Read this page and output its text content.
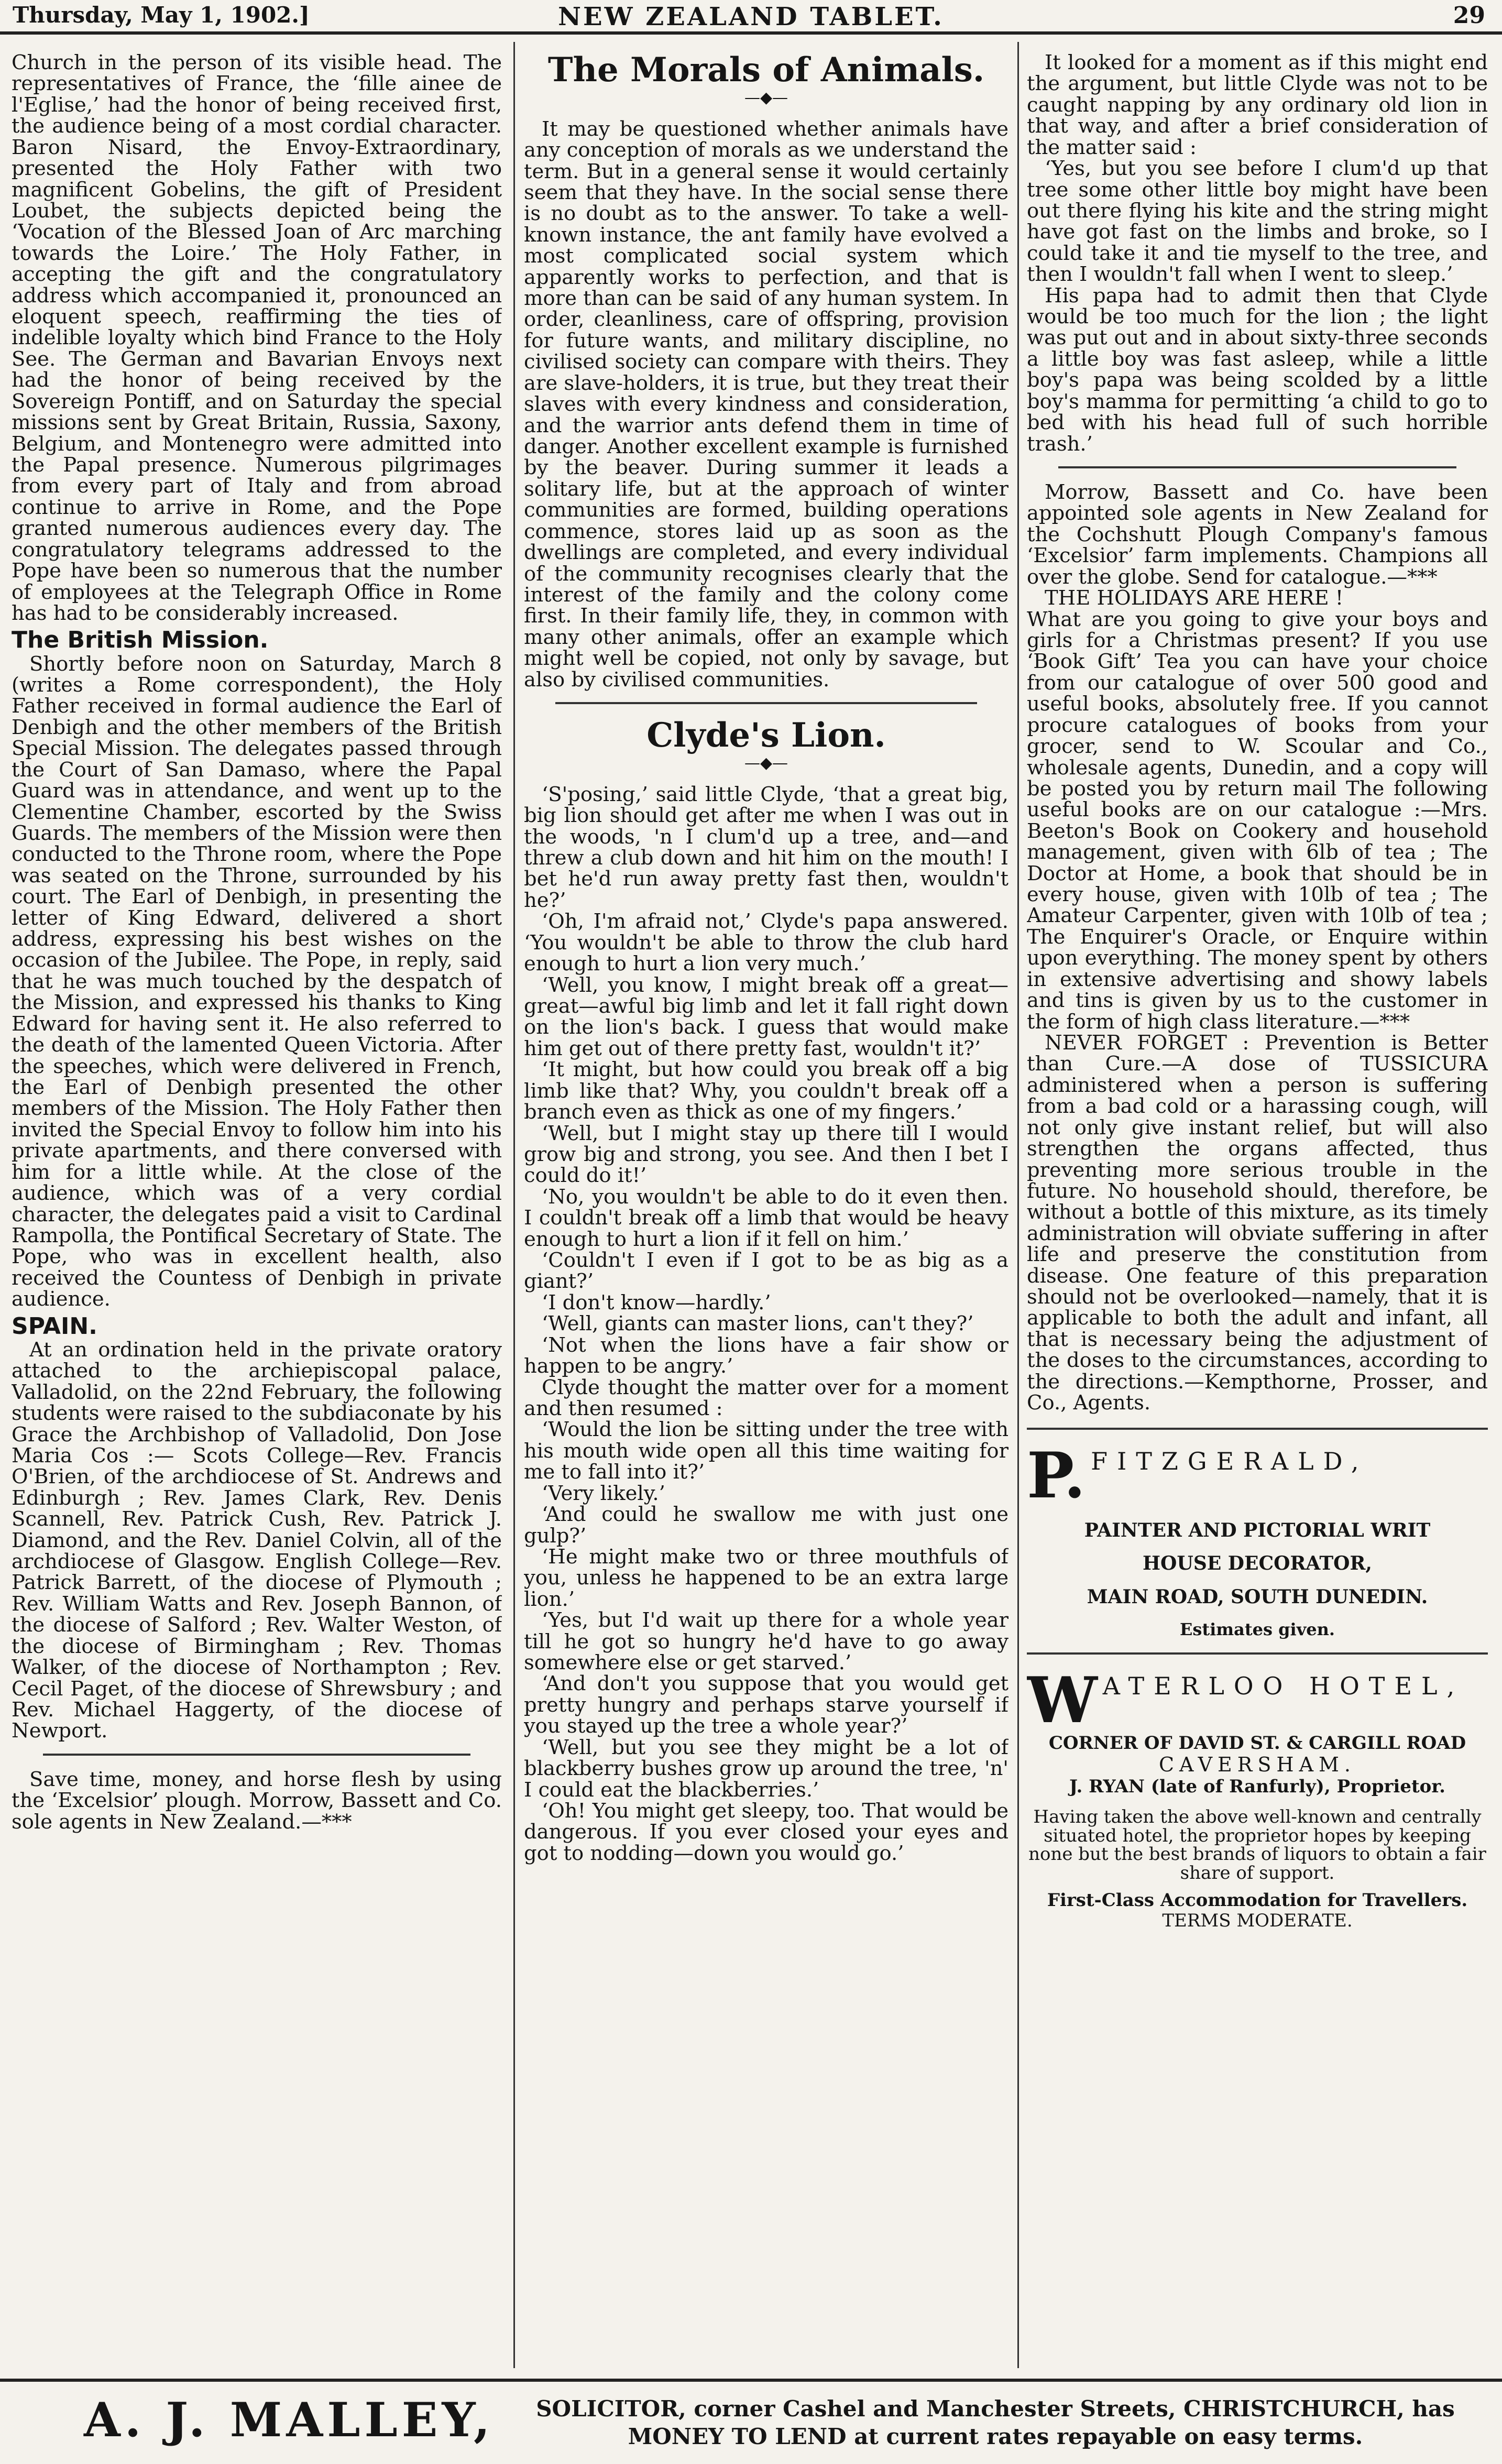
Thursday, May 1, 1902.]	NEW ZEALAND TABLET.	29

Church in the person of its visible head. The representatives of France, the ‘fille ainee de l'Eglise,’ had the honor of being received first, the audience being of a most cordial character. Baron Nisard, the Envoy-Extraordinary, presented the Holy Father with two magnificent Gobelins, the gift of President Loubet, the subjects depicted being the ‘Vocation of the Blessed Joan of Arc marching towards the Loire.’ The Holy Father, in accepting the gift and the congratulatory address which accompanied it, pronounced an eloquent speech, reaffirming the ties of indelible loyalty which bind France to the Holy See. The German and Bavarian Envoys next had the honor of being received by the Sovereign Pontiff, and on Saturday the special missions sent by Great Britain, Russia, Saxony, Belgium, and Montenegro were admitted into the Papal presence. Numerous pilgrimages from every part of Italy and from abroad continue to arrive in Rome, and the Pope granted numerous audiences every day. The congratulatory telegrams addressed to the Pope have been so numerous that the number of employees at the Telegraph Office in Rome has had to be considerably increased.

The British Mission.

Shortly before noon on Saturday, March 8 (writes a Rome correspondent), the Holy Father received in formal audience the Earl of Denbigh and the other members of the British Special Mission. The delegates passed through the Court of San Damaso, where the Papal Guard was in attendance, and went up to the Clementine Chamber, escorted by the Swiss Guards. The members of the Mission were then conducted to the Throne room, where the Pope was seated on the Throne, surrounded by his court. The Earl of Denbigh, in presenting the letter of King Edward, delivered a short address, expressing his best wishes on the occasion of the Jubilee. The Pope, in reply, said that he was much touched by the despatch of the Mission, and expressed his thanks to King Edward for having sent it. He also referred to the death of the lamented Queen Victoria. After the speeches, which were delivered in French, the Earl of Denbigh presented the other members of the Mission. The Holy Father then invited the Special Envoy to follow him into his private apartments, and there conversed with him for a little while. At the close of the audience, which was of a very cordial character, the delegates paid a visit to Cardinal Rampolla, the Pontifical Secretary of State. The Pope, who was in excellent health, also received the Countess of Denbigh in private audience.

SPAIN.

At an ordination held in the private oratory attached to the archiepiscopal palace, Valladolid, on the 22nd February, the following students were raised to the subdiaconate by his Grace the Archbishop of Valladolid, Don Jose Maria Cos :— Scots College—Rev. Francis O'Brien, of the archdiocese of St. Andrews and Edinburgh ; Rev. James Clark, Rev. Denis Scannell, Rev. Patrick Cush, Rev. Patrick J. Diamond, and the Rev. Daniel Colvin, all of the archdiocese of Glasgow. English College—Rev. Patrick Barrett, of the diocese of Plymouth ; Rev. William Watts and Rev. Joseph Bannon, of the diocese of Salford ; Rev. Walter Weston, of the diocese of Birmingham ; Rev. Thomas Walker, of the diocese of Northampton ; Rev. Cecil Paget, of the diocese of Shrewsbury ; and Rev. Michael Haggerty, of the diocese of Newport.

Save time, money, and horse flesh by using the ‘Excelsior’ plough. Morrow, Bassett and Co. sole agents in New Zealand.—***

The Morals of Animals.
—◆—

It may be questioned whether animals have any conception of morals as we understand the term. But in a general sense it would certainly seem that they have. In the social sense there is no doubt as to the answer. To take a well-known instance, the ant family have evolved a most complicated social system which apparently works to perfection, and that is more than can be said of any human system. In order, cleanliness, care of offspring, provision for future wants, and military discipline, no civilised society can compare with theirs. They are slave-holders, it is true, but they treat their slaves with every kindness and consideration, and the warrior ants defend them in time of danger. Another excellent example is furnished by the beaver. During summer it leads a solitary life, but at the approach of winter communities are formed, building operations commence, stores laid up as soon as the dwellings are completed, and every individual of the community recognises clearly that the interest of the family and the colony come first. In their family life, they, in common with many other animals, offer an example which might well be copied, not only by savage, but also by civilised communities.

Clyde's Lion.
—◆—

‘S'posing,’ said little Clyde, ‘that a great big, big lion should get after me when I was out in the woods, 'n I clum'd up a tree, and—and threw a club down and hit him on the mouth! I bet he'd run away pretty fast then, wouldn't he?’

‘Oh, I'm afraid not,’ Clyde's papa answered. ‘You wouldn't be able to throw the club hard enough to hurt a lion very much.’

‘Well, you know, I might break off a great—great—awful big limb and let it fall right down on the lion's back. I guess that would make him get out of there pretty fast, wouldn't it?’

‘It might, but how could you break off a big limb like that? Why, you couldn't break off a branch even as thick as one of my fingers.’

‘Well, but I might stay up there till I would grow big and strong, you see. And then I bet I could do it!’

‘No, you wouldn't be able to do it even then. I couldn't break off a limb that would be heavy enough to hurt a lion if it fell on him.’

‘Couldn't I even if I got to be as big as a giant?’

‘I don't know—hardly.’

‘Well, giants can master lions, can't they?’

‘Not when the lions have a fair show or happen to be angry.’

Clyde thought the matter over for a moment and then resumed :

‘Would the lion be sitting under the tree with his mouth wide open all this time waiting for me to fall into it?’

‘Very likely.’

‘And could he swallow me with just one gulp?’

‘He might make two or three mouthfuls of you, unless he happened to be an extra large lion.’

‘Yes, but I'd wait up there for a whole year till he got so hungry he'd have to go away somewhere else or get starved.’

‘And don't you suppose that you would get pretty hungry and perhaps starve yourself if you stayed up the tree a whole year?’

‘Well, but you see they might be a lot of blackberry bushes grow up around the tree, 'n' I could eat the blackberries.’

‘Oh! You might get sleepy, too. That would be dangerous. If you ever closed your eyes and got to nodding—down you would go.’

It looked for a moment as if this might end the argument, but little Clyde was not to be caught napping by any ordinary old lion in that way, and after a brief consideration of the matter said :

‘Yes, but you see before I clum'd up that tree some other little boy might have been out there flying his kite and the string might have got fast on the limbs and broke, so I could take it and tie myself to the tree, and then I wouldn't fall when I went to sleep.’

His papa had to admit then that Clyde would be too much for the lion ; the light was put out and in about sixty-three seconds a little boy was fast asleep, while a little boy's papa was being scolded by a little boy's mamma for permitting ‘a child to go to bed with his head full of such horrible trash.’

Morrow, Bassett and Co. have been appointed sole agents in New Zealand for the Cochshutt Plough Company's famous ‘Excelsior’ farm implements. Champions all over the globe. Send for catalogue.—***

THE HOLIDAYS ARE HERE !

What are you going to give your boys and girls for a Christmas present? If you use ‘Book Gift’ Tea you can have your choice from our catalogue of over 500 good and useful books, absolutely free. If you cannot procure catalogues of books from your grocer, send to W. Scoular and Co., wholesale agents, Dunedin, and a copy will be posted you by return mail The following useful books are on our catalogue :—Mrs. Beeton's Book on Cookery and household management, given with 6lb of tea ; The Doctor at Home, a book that should be in every house, given with 10lb of tea ; The Amateur Carpenter, given with 10lb of tea ; The Enquirer's Oracle, or Enquire within upon everything. The money spent by others in extensive advertising and showy labels and tins is given by us to the customer in the form of high class literature.—***

NEVER FORGET : Prevention is Better than Cure.—A dose of TUSSICURA administered when a person is suffering from a bad cold or a harassing cough, will not only give instant relief, but will also strengthen the organs affected, thus preventing more serious trouble in the future. No household should, therefore, be without a bottle of this mixture, as its timely administration will obviate suffering in after life and preserve the constitution from disease. One feature of this preparation should not be overlooked—namely, that it is applicable to both the adult and infant, all that is necessary being the adjustment of the doses to the circumstances, according to the directions.—Kempthorne, Prosser, and Co., Agents.

P. FITZGERALD,
PAINTER AND PICTORIAL WRIT
HOUSE DECORATOR,
MAIN ROAD, SOUTH DUNEDIN.
Estimates given.
W ATERLOO HOTEL,
CORNER OF DAVID ST. & CARGILL ROAD
CAVERSHAM.
J. RYAN (late of Ranfurly), Proprietor.
Having taken the above well-known and centrally situated hotel, the proprietor hopes by keeping none but the best brands of liquors to obtain a fair share of support.
First-Class Accommodation for Travellers.
TERMS MODERATE.
A. J. MALLEY,	SOLICITOR, corner Cashel and Manchester Streets, CHRISTCHURCH, has MONEY TO LEND at current rates repayable on easy terms.
